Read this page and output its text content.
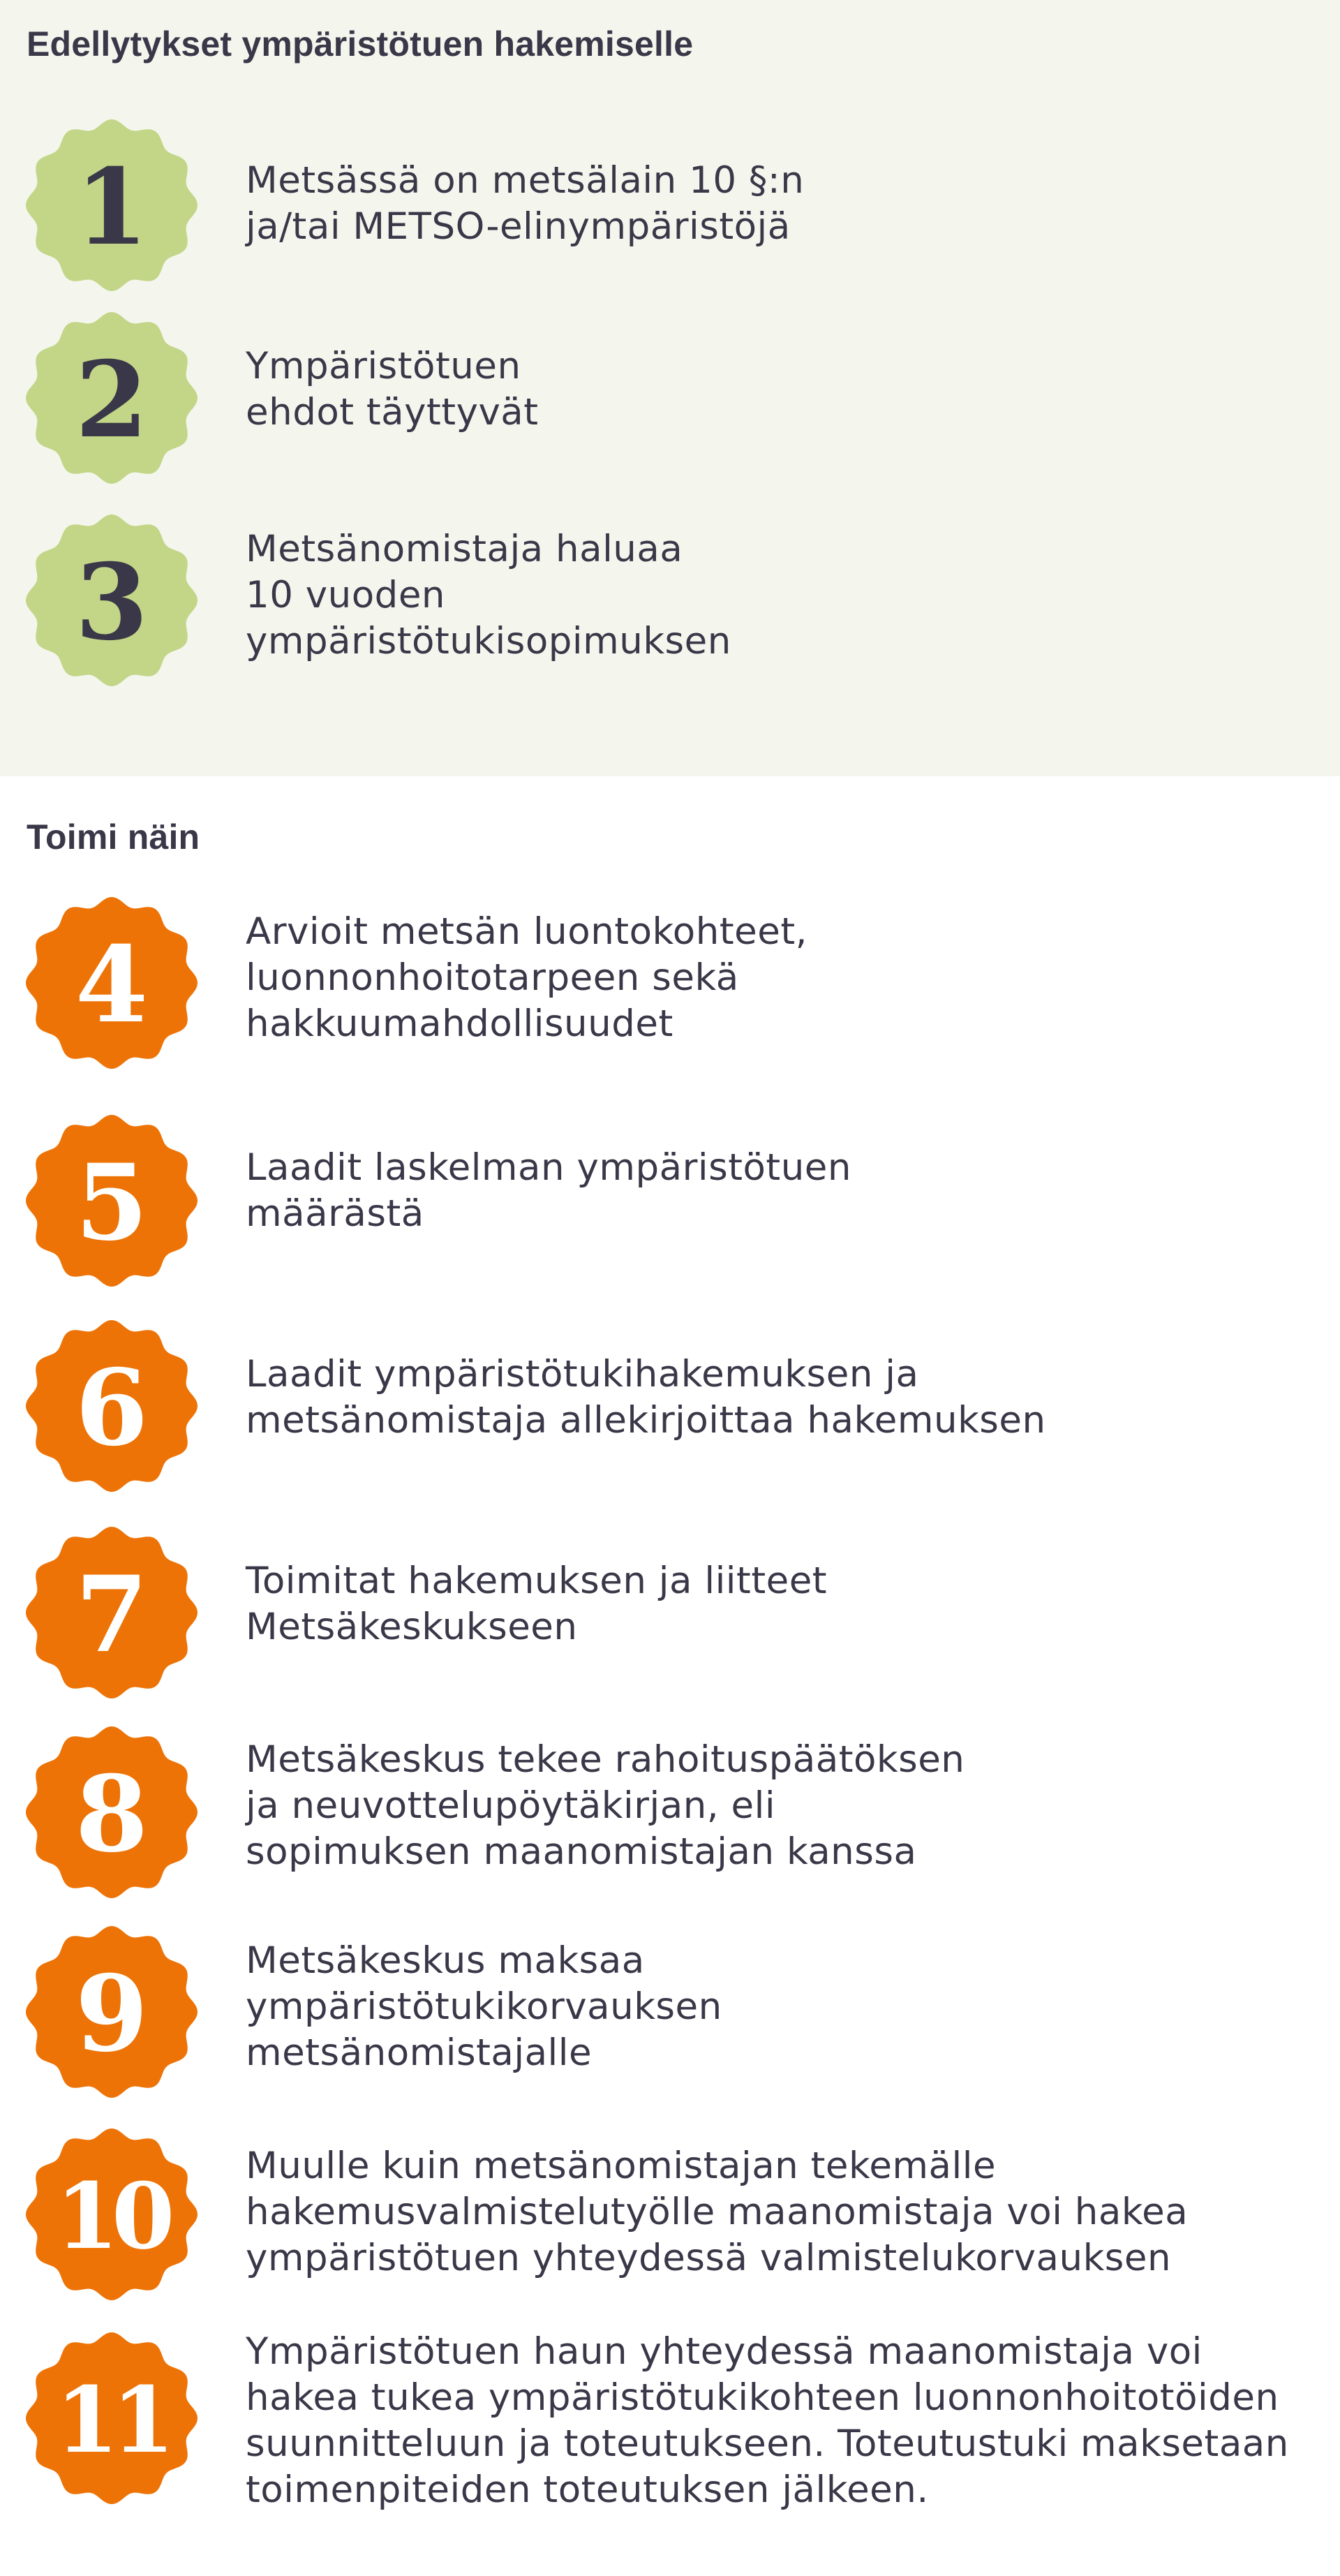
Edellytykset ympäristötuen hakemiselle
1	Metsässä on metsälain 10 §:n
ja/tai METSO-elinympäristöjä
2	Ympäristötuen
ehdot täyttyvät
3	Metsänomistaja haluaa
10 vuoden
ympäristötukisopimuksen
Toimi näin
4	Arvioit metsän luontokohteet,
luonnonhoitotarpeen sekä
hakkuumahdollisuudet
5	Laadit laskelman ympäristötuen
määrästä
6	Laadit ympäristötukihakemuksen ja
metsänomistaja allekirjoittaa hakemuksen
7	Toimitat hakemuksen ja liitteet
Metsäkeskukseen
8	Metsäkeskus tekee rahoituspäätöksen
ja neuvottelupöytäkirjan, eli
sopimuksen maanomistajan kanssa
9	Metsäkeskus maksaa
ympäristötukikorvauksen
metsänomistajalle
10	Muulle kuin metsänomistajan tekemälle
hakemusvalmistelutyölle maanomistaja voi hakea
ympäristötuen yhteydessä valmistelukorvauksen
11
Ympäristötuen haun yhteydessä maanomistaja voi
hakea tukea ympäristötukikohteen luonnonhoitotöiden
suunnitteluun ja toteutukseen. Toteutustuki maksetaan
toimenpiteiden toteutuksen jälkeen.
